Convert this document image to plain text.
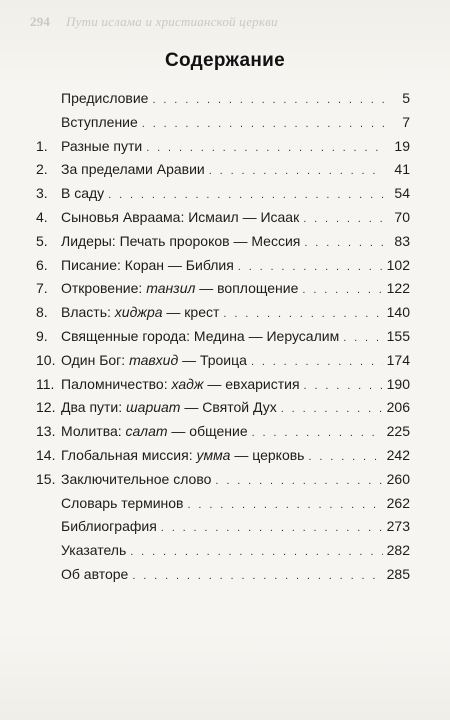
294 Пути ислама и христианской церкви
Содержание
Предисловие . . .	5
Вступление . . .	7
1. Разные пути . . .	19
2. За пределами Аравии . . .	41
3. В саду . . .	54
4. Сыновья Авраама: Исмаил — Исаак . . .	70
5. Лидеры: Печать пророков — Мессия . . .	83
6. Писание: Коран — Библия . . .	102
7. Откровение: танзил — воплощение . . .	122
8. Власть: хиджра — крест . . .	140
9. Священные города: Медина — Иерусалим . . .	155
10. Один Бог: тавхид — Троица . . .	174
11. Паломничество: хадж — евхаристия . . .	190
12. Два пути: шариат — Святой Дух . . .	206
13. Молитва: салат — общение . . .	225
14. Глобальная миссия: умма — церковь . . .	242
15. Заключительное слово . . .	260
Словарь терминов . . .	262
Библиография . . .	273
Указатель . . .	282
Об авторе . . .	285
